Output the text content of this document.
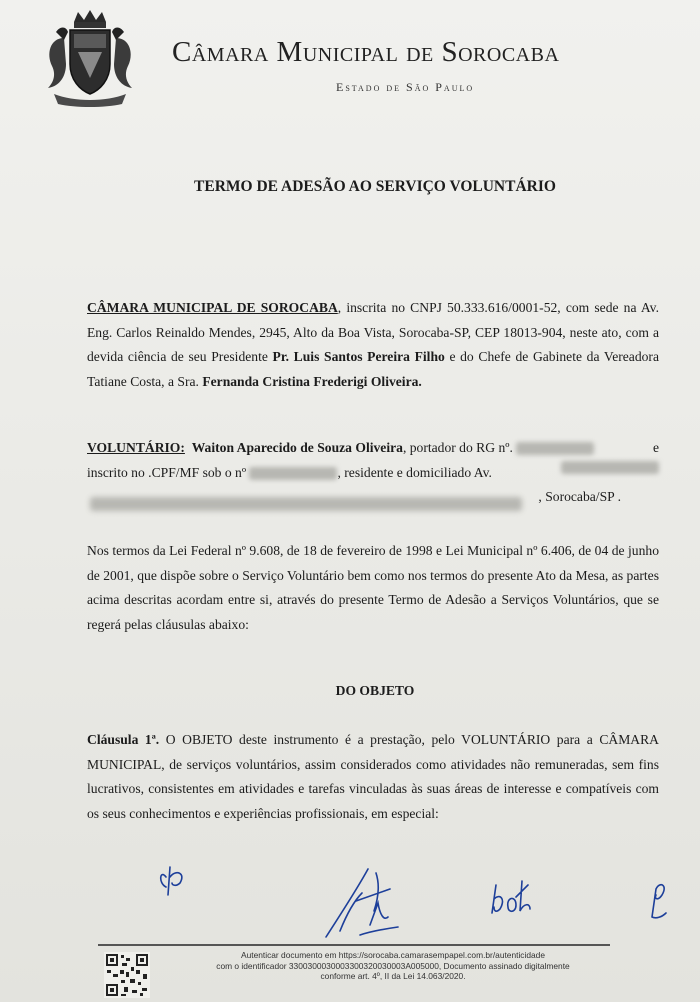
Câmara Municipal de Sorocaba
Estado de São Paulo
TERMO DE ADESÃO AO SERVIÇO VOLUNTÁRIO
CÂMARA MUNICIPAL DE SOROCABA, inscrita no CNPJ 50.333.616/0001-52, com sede na Av. Eng. Carlos Reinaldo Mendes, 2945, Alto da Boa Vista, Sorocaba-SP, CEP 18013-904, neste ato, com a devida ciência de seu Presidente Pr. Luis Santos Pereira Filho e do Chefe de Gabinete da Vereadora Tatiane Costa, a Sra. Fernanda Cristina Frederigi Oliveira.
VOLUNTÁRIO: Waiton Aparecido de Souza Oliveira, portador do RG nº.	e
inscrito no .CPF/MF sob o nº	, residente e domiciliado Av.
, Sorocaba/SP .
Nos termos da Lei Federal nº 9.608, de 18 de fevereiro de 1998 e Lei Municipal nº 6.406, de 04 de junho de 2001, que dispõe sobre o Serviço Voluntário bem como nos termos do presente Ato da Mesa, as partes acima descritas acordam entre si, através do presente Termo de Adesão a Serviços Voluntários, que se regerá pelas cláusulas abaixo:
DO OBJETO
Cláusula 1ª. O OBJETO deste instrumento é a prestação, pelo VOLUNTÁRIO para a CÂMARA MUNICIPAL, de serviços voluntários, assim considerados como atividades não remuneradas, sem fins lucrativos, consistentes em atividades e tarefas vinculadas às suas áreas de interesse e compatíveis com os seus conhecimentos e experiências profissionais, em especial:
Autenticar documento em https://sorocaba.camarasempapel.com.br/autenticidade
com o identificador 3300300030003300320030003A005000, Documento assinado digitalmente
conforme art. 4º, II da Lei 14.063/2020.
